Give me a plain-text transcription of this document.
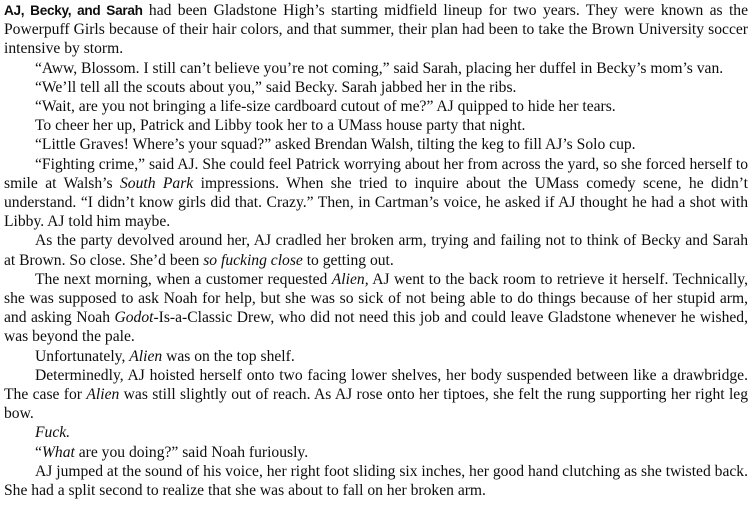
AJ, Becky, and Sarah had been Gladstone High’s starting midfield lineup for two years. They were known as the Powerpuff Girls because of their hair colors, and that summer, their plan had been to take the Brown University soccer intensive by storm.

“Aww, Blossom. I still can’t believe you’re not coming,” said Sarah, placing her duffel in Becky’s mom’s van.

“We’ll tell all the scouts about you,” said Becky. Sarah jabbed her in the ribs.

“Wait, are you not bringing a life-size cardboard cutout of me?” AJ quipped to hide her tears.

To cheer her up, Patrick and Libby took her to a UMass house party that night.

“Little Graves! Where’s your squad?” asked Brendan Walsh, tilting the keg to fill AJ’s Solo cup.

“Fighting crime,” said AJ. She could feel Patrick worrying about her from across the yard, so she forced herself to smile at Walsh’s South Park impressions. When she tried to inquire about the UMass comedy scene, he didn’t understand. “I didn’t know girls did that. Crazy.” Then, in Cartman’s voice, he asked if AJ thought he had a shot with Libby. AJ told him maybe.

As the party devolved around her, AJ cradled her broken arm, trying and failing not to think of Becky and Sarah at Brown. So close. She’d been so fucking close to getting out.

The next morning, when a customer requested Alien, AJ went to the back room to retrieve it herself. Technically, she was supposed to ask Noah for help, but she was so sick of not being able to do things because of her stupid arm, and asking Noah Godot-Is-a-Classic Drew, who did not need this job and could leave Gladstone whenever he wished, was beyond the pale.

Unfortunately, Alien was on the top shelf.

Determinedly, AJ hoisted herself onto two facing lower shelves, her body suspended between like a drawbridge. The case for Alien was still slightly out of reach. As AJ rose onto her tiptoes, she felt the rung supporting her right leg bow.

Fuck.

“What are you doing?” said Noah furiously.

AJ jumped at the sound of his voice, her right foot sliding six inches, her good hand clutching as she twisted back. She had a split second to realize that she was about to fall on her broken arm.
